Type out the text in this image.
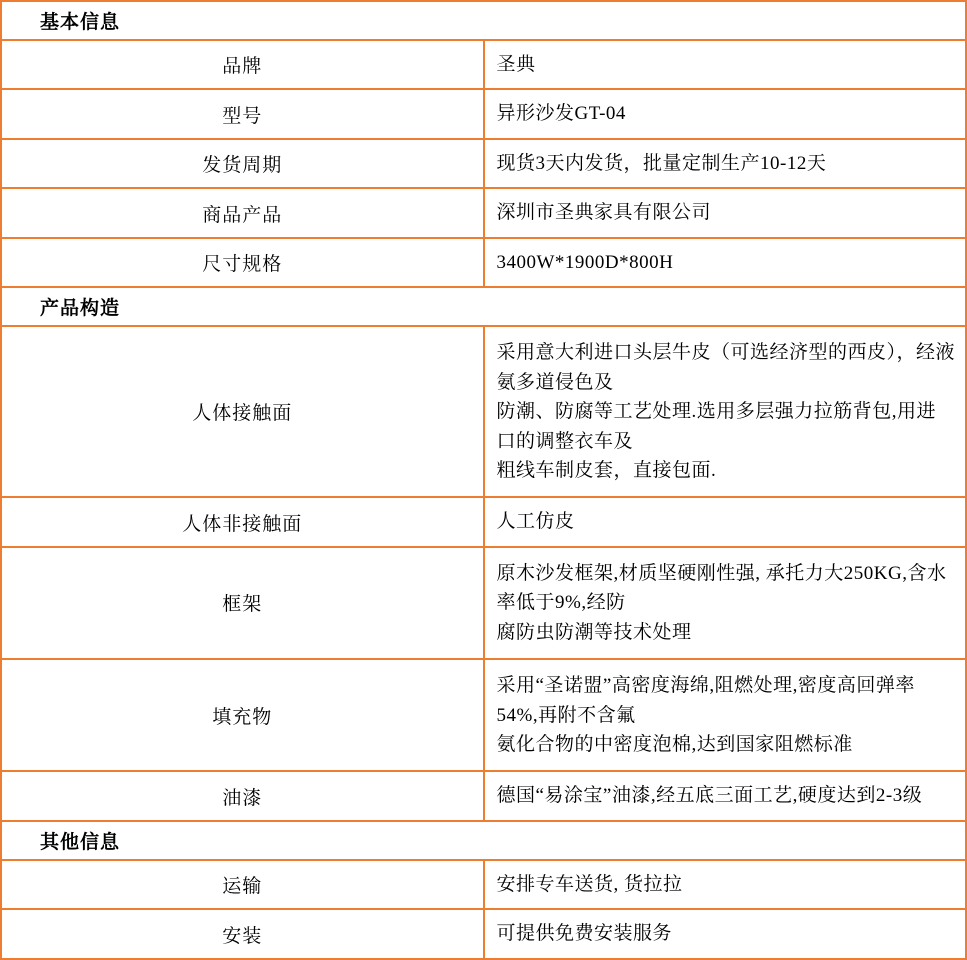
基本信息	
品牌	圣典

型号	异形沙发GT-04

发货周期	现货3天内发货，批量定制生产10-12天

商品产品	深圳市圣典家具有限公司

尺寸规格	3400W*1900D*800H

产品构造	
人体接触面	采用意大利进口头层牛皮（可选经济型的西皮），经液氨多道侵色及
防潮、防腐等工艺处理.选用多层强力拉筋背包,用进口的调整衣车及
粗线车制皮套，直接包面.

人体非接触面	人工仿皮

框架	原木沙发框架,材质坚硬刚性强, 承托力大250KG,含水率低于9%,经防
腐防虫防潮等技术处理

填充物	采用“圣诺盟”高密度海绵,阻燃处理,密度高回弹率54%,再附不含氟
氨化合物的中密度泡棉,达到国家阻燃标准

油漆	德国“易涂宝”油漆,经五底三面工艺,硬度达到2-3级

其他信息	
运输	安排专车送货, 货拉拉

安装	可提供免费安装服务
